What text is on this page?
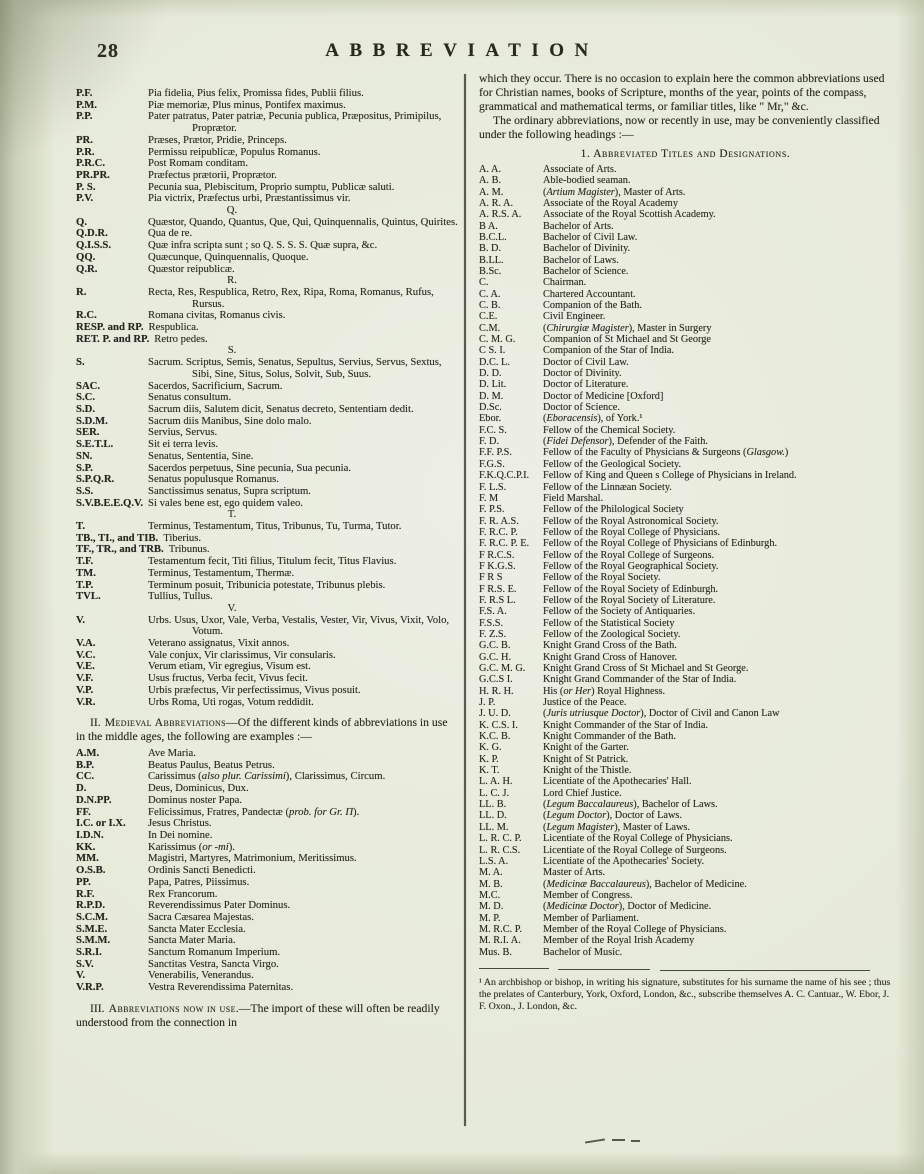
28	ABBREVIATION
P.F.	Pia fidelia, Pius felix, Promissa fides, Publii filius.
P.M.	Piæ memoriæ, Plus minus, Pontifex maximus.
P.P.	Pater patratus, Pater patriæ, Pecunia publica, Præpositus, Primipilus, Proprætor.
PR.	Præses, Prætor, Pridie, Princeps.
P.R.	Permissu reipublicæ, Populus Romanus.
P.R.C.	Post Romam conditam.
PR.PR.	Præfectus prætorii, Proprætor.
P. S.	Pecunia sua, Plebiscitum, Proprio sumptu, Publicæ saluti.
P.V.	Pia victrix, Præfectus urbi, Præstantissimus vir.
Q.
Q.	Quæstor, Quando, Quantus, Que, Qui, Quinquennalis, Quintus, Quirites.
Q.D.R.	Qua de re.
Q.I.S.S.	Quæ infra scripta sunt ; so Q. S. S. S. Quæ supra, &c.
QQ.	Quæcunque, Quinquennalis, Quoque.
Q.R.	Quæstor reipublicæ.
R.
R.	Recta, Res, Respublica, Retro, Rex, Ripa, Roma, Romanus, Rufus, Rursus.
R.C.	Romana civitas, Romanus civis.
RESP. and RP. Respublica.
RET. P. and RP. Retro pedes.
S.
S.	Sacrum. Scriptus, Semis, Senatus, Sepultus, Servius, Servus, Sextus, Sibi, Sine, Situs, Solus, Solvit, Sub, Suus.
SAC.	Sacerdos, Sacrificium, Sacrum.
S.C.	Senatus consultum.
S.D.	Sacrum diis, Salutem dicit, Senatus decreto, Sententiam dedit.
S.D.M.	Sacrum diis Manibus, Sine dolo malo.
SER.	Servius, Servus.
S.E.T.L.	Sit ei terra levis.
SN.	Senatus, Sententia, Sine.
S.P.	Sacerdos perpetuus, Sine pecunia, Sua pecunia.
S.P.Q.R.	Senatus populusque Romanus.
S.S.	Sanctissimus senatus, Supra scriptum.
S.V.B.E.E.Q.V. Si vales bene est, ego quidem valeo.
T.
T.	Terminus, Testamentum, Titus, Tribunus, Tu, Turma, Tutor.
TB., TI., and TIB. Tiberius.
TF., TR., and TRB. Tribunus.
T.F.	Testamentum fecit, Titi filius, Titulum fecit, Titus Flavius.
TM.	Terminus, Testamentum, Thermæ.
T.P.	Terminum posuit, Tribunicia potestate, Tribunus plebis.
TVL.	Tullius, Tullus.
V.
V.	Urbs. Usus, Uxor, Vale, Verba, Vestalis, Vester, Vir, Vivus, Vixit, Volo, Votum.
V.A.	Veterano assignatus, Vixit annos.
V.C.	Vale conjux, Vir clarissimus, Vir consularis.
V.E.	Verum etiam, Vir egregius, Visum est.
V.F.	Usus fructus, Verba fecit, Vivus fecit.
V.P.	Urbis præfectus, Vir perfectissimus, Vivus posuit.
V.R.	Urbs Roma, Uti rogas, Votum reddidit.
II. Medieval Abbreviations—Of the different kinds of abbreviations in use in the middle ages, the following are examples :—
A.M.	Ave Maria.
B.P.	Beatus Paulus, Beatus Petrus.
CC.	Carissimus (also plur. Carissimi), Clarissimus, Circum.
D.	Deus, Dominicus, Dux.
D.N.PP.	Dominus noster Papa.
FF.	Felicissimus, Fratres, Pandectæ (prob. for Gr. Π).
I.C. or I.X. Jesus Christus.
I.D.N.	In Dei nomine.
KK.	Karissimus (or -mi).
MM.	Magistri, Martyres, Matrimonium, Meritissimus.
O.S.B.	Ordinis Sancti Benedicti.
PP.	Papa, Patres, Piissimus.
R.F.	Rex Francorum.
R.P.D.	Reverendissimus Pater Dominus.
S.C.M.	Sacra Cæsarea Majestas.
S.M.E.	Sancta Mater Ecclesia.
S.M.M.	Sancta Mater Maria.
S.R.I.	Sanctum Romanum Imperium.
S.V.	Sanctitas Vestra, Sancta Virgo.
V.	Venerabilis, Venerandus.
V.R.P.	Vestra Reverendissima Paternitas.
III. Abbreviations now in use.—The import of these will often be readily understood from the connection in
which they occur. There is no occasion to explain here the common abbreviations used for Christian names, books of Scripture, months of the year, points of the compass, grammatical and mathematical terms, or familiar titles, like " Mr," &c.
The ordinary abbreviations, now or recently in use, may be conveniently classified under the following headings :—
1. Abbreviated Titles and Designations.
A. A.	Associate of Arts.
A. B.	Able-bodied seaman.
A. M.	(Artium Magister), Master of Arts.
A. R. A.	Associate of the Royal Academy
A. R.S. A. Associate of the Royal Scottish Academy.
B A.	Bachelor of Arts.
B.C.L.	Bachelor of Civil Law.
B. D.	Bachelor of Divinity.
B.LL.	Bachelor of Laws.
B.Sc.	Bachelor of Science.
C.	Chairman.
C. A.	Chartered Accountant.
C. B.	Companion of the Bath.
C.E.	Civil Engineer.
C.M.	(Chirurgiæ Magister), Master in Surgery
C. M. G.	Companion of St Michael and St George
C S. I.	Companion of the Star of India.
D.C. L.	Doctor of Civil Law.
D. D.	Doctor of Divinity.
D. Lit.	Doctor of Literature.
D. M.	Doctor of Medicine [Oxford]
D.Sc.	Doctor of Science.
Ebor.	(Eboracensis), of York.¹
F.C. S.	Fellow of the Chemical Society.
F. D.	(Fidei Defensor), Defender of the Faith.
F.F. P.S.	Fellow of the Faculty of Physicians & Surgeons (Glasgow.)
F.G.S.	Fellow of the Geological Society.
F.K.Q.C.P.I. Fellow of King and Queen s College of Physicians in Ireland.
F. L.S.	Fellow of the Linnæan Society.
F. M	Field Marshal.
F. P.S.	Fellow of the Philological Society
F. R. A.S. Fellow of the Royal Astronomical Society.
F. R.C. P. Fellow of the Royal College of Physicians.
F. R.C. P. E. Fellow of the Royal College of Physicians of Edinburgh.
F R.C.S.	Fellow of the Royal College of Surgeons.
F K.G.S.	Fellow of the Royal Geographical Society.
F R S	Fellow of the Royal Society.
F R.S. E.	Fellow of the Royal Society of Edinburgh.
F. R.S L.	Fellow of the Royal Society of Literature.
F.S. A.	Fellow of the Society of Antiquaries.
F.S.S.	Fellow of the Statistical Society
F. Z.S.	Fellow of the Zoological Society.
G.C. B.	Knight Grand Cross of the Bath.
G.C. H.	Knight Grand Cross of Hanover.
G.C. M. G. Knight Grand Cross of St Michael and St George.
G.C.S I.	Knight Grand Commander of the Star of India.
H. R. H.	His (or Her) Royal Highness.
J. P.	Justice of the Peace.
J. U. D.	(Juris utriusque Doctor), Doctor of Civil and Canon Law
K. C.S. I. Knight Commander of the Star of India.
K.C. B.	Knight Commander of the Bath.
K. G.	Knight of the Garter.
K. P.	Knight of St Patrick.
K. T.	Knight of the Thistle.
L. A. H.	Licentiate of the Apothecaries' Hall.
L. C. J.	Lord Chief Justice.
LL. B.	(Legum Baccalaureus), Bachelor of Laws.
LL. D.	(Legum Doctor), Doctor of Laws.
LL. M.	(Legum Magister), Master of Laws.
L. R. C. P. Licentiate of the Royal College of Physicians.
L. R. C.S. Licentiate of the Royal College of Surgeons.
L.S. A.	Licentiate of the Apothecaries' Society.
M. A.	Master of Arts.
M. B.	(Medicinæ Baccalaureus), Bachelor of Medicine.
M.C.	Member of Congress.
M. D.	(Medicinæ Doctor), Doctor of Medicine.
M. P.	Member of Parliament.
M. R.C. P. Member of the Royal College of Physicians.
M. R.I. A. Member of the Royal Irish Academy
Mus. B.	Bachelor of Music.
¹ An archbishop or bishop, in writing his signature, substitutes for his surname the name of his see ; thus the prelates of Canterbury, York, Oxford, London, &c., subscribe themselves A. C. Cantuar., W. Ebor, J. F. Oxon., J. London, &c.
